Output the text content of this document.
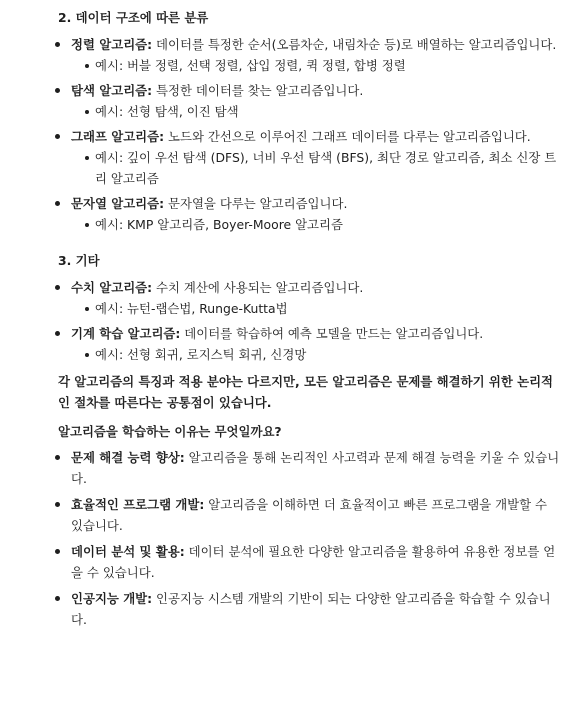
2. 데이터 구조에 따른 분류

정렬 알고리즘: 데이터를 특정한 순서(오름차순, 내림차순 등)로 배열하는 알고리즘입니다.
예시: 버블 정렬, 선택 정렬, 삽입 정렬, 퀵 정렬, 합병 정렬
탐색 알고리즘: 특정한 데이터를 찾는 알고리즘입니다.
예시: 선형 탐색, 이진 탐색
그래프 알고리즘: 노드와 간선으로 이루어진 그래프 데이터를 다루는 알고리즘입니다.
예시: 깊이 우선 탐색 (DFS), 너비 우선 탐색 (BFS), 최단 경로 알고리즘, 최소 신장 트리 알고리즘
문자열 알고리즘: 문자열을 다루는 알고리즘입니다.
예시: KMP 알고리즘, Boyer-Moore 알고리즘

3. 기타

수치 알고리즘: 수치 계산에 사용되는 알고리즘입니다.
예시: 뉴턴-랩슨법, Runge-Kutta법
기계 학습 알고리즘: 데이터를 학습하여 예측 모델을 만드는 알고리즘입니다.
예시: 선형 회귀, 로지스틱 회귀, 신경망

각 알고리즘의 특징과 적용 분야는 다르지만, 모든 알고리즘은 문제를 해결하기 위한 논리적인 절차를 따른다는 공통점이 있습니다.

알고리즘을 학습하는 이유는 무엇일까요?

문제 해결 능력 향상: 알고리즘을 통해 논리적인 사고력과 문제 해결 능력을 키울 수 있습니다.
효율적인 프로그램 개발: 알고리즘을 이해하면 더 효율적이고 빠른 프로그램을 개발할 수 있습니다.
데이터 분석 및 활용: 데이터 분석에 필요한 다양한 알고리즘을 활용하여 유용한 정보를 얻을 수 있습니다.
인공지능 개발: 인공지능 시스템 개발의 기반이 되는 다양한 알고리즘을 학습할 수 있습니다.
